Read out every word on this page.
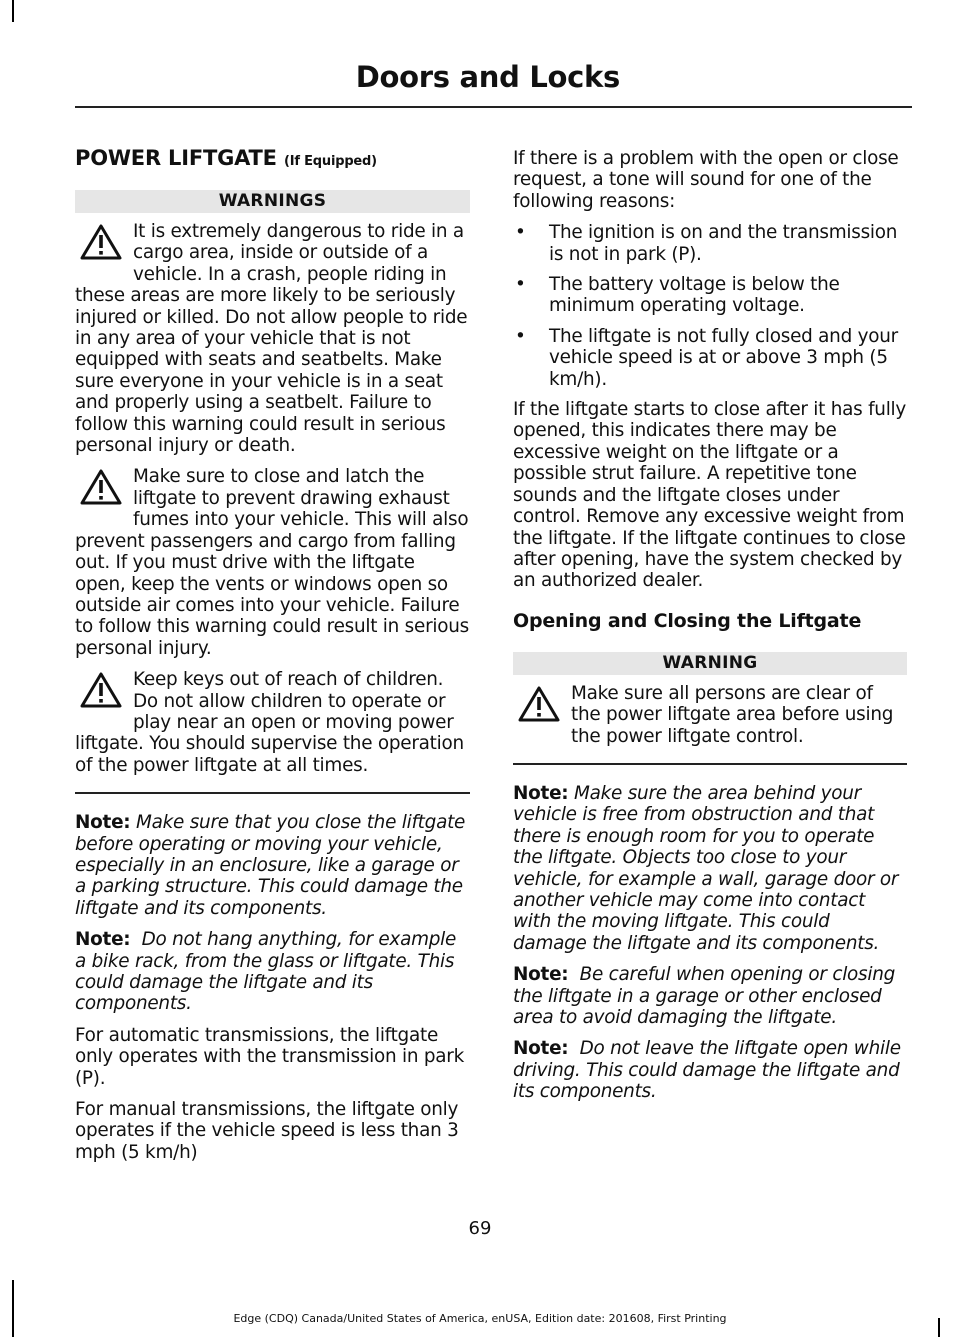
Doors and Locks
POWER LIFTGATE (If Equipped)
WARNINGS

It is extremely dangerous to ride in a cargo area, inside or outside of a vehicle. In a crash, people riding in these areas are more likely to be seriously injured or killed. Do not allow people to ride in any area of your vehicle that is not equipped with seats and seatbelts. Make sure everyone in your vehicle is in a seat and properly using a seatbelt. Failure to follow this warning could result in serious personal injury or death.

Make sure to close and latch the liftgate to prevent drawing exhaust fumes into your vehicle. This will also prevent passengers and cargo from falling out. If you must drive with the liftgate open, keep the vents or windows open so outside air comes into your vehicle. Failure to follow this warning could result in serious personal injury.

Keep keys out of reach of children. Do not allow children to operate or play near an open or moving power liftgate. You should supervise the operation of the power liftgate at all times.

Note: Make sure that you close the liftgate before operating or moving your vehicle, especially in an enclosure, like a garage or a parking structure. This could damage the liftgate and its components.

Note: Do not hang anything, for example a bike rack, from the glass or liftgate. This could damage the liftgate and its components.

For automatic transmissions, the liftgate only operates with the transmission in park (P).

For manual transmissions, the liftgate only operates if the vehicle speed is less than 3 mph (5 km/h)

If there is a problem with the open or close request, a tone will sound for one of the following reasons:

• The ignition is on and the transmission is not in park (P).
• The battery voltage is below the minimum operating voltage.
• The liftgate is not fully closed and your vehicle speed is at or above 3 mph (5 km/h).

If the liftgate starts to close after it has fully opened, this indicates there may be excessive weight on the liftgate or a possible strut failure. A repetitive tone sounds and the liftgate closes under control. Remove any excessive weight from the liftgate. If the liftgate continues to close after opening, have the system checked by an authorized dealer.

Opening and Closing the Liftgate
WARNING

Make sure all persons are clear of the power liftgate area before using the power liftgate control.

Note: Make sure the area behind your vehicle is free from obstruction and that there is enough room for you to operate the liftgate. Objects too close to your vehicle, for example a wall, garage door or another vehicle may come into contact with the moving liftgate. This could damage the liftgate and its components.

Note: Be careful when opening or closing the liftgate in a garage or other enclosed area to avoid damaging the liftgate.

Note: Do not leave the liftgate open while driving. This could damage the liftgate and its components.

69
Edge (CDQ) Canada/United States of America, enUSA, Edition date: 201608, First Printing
